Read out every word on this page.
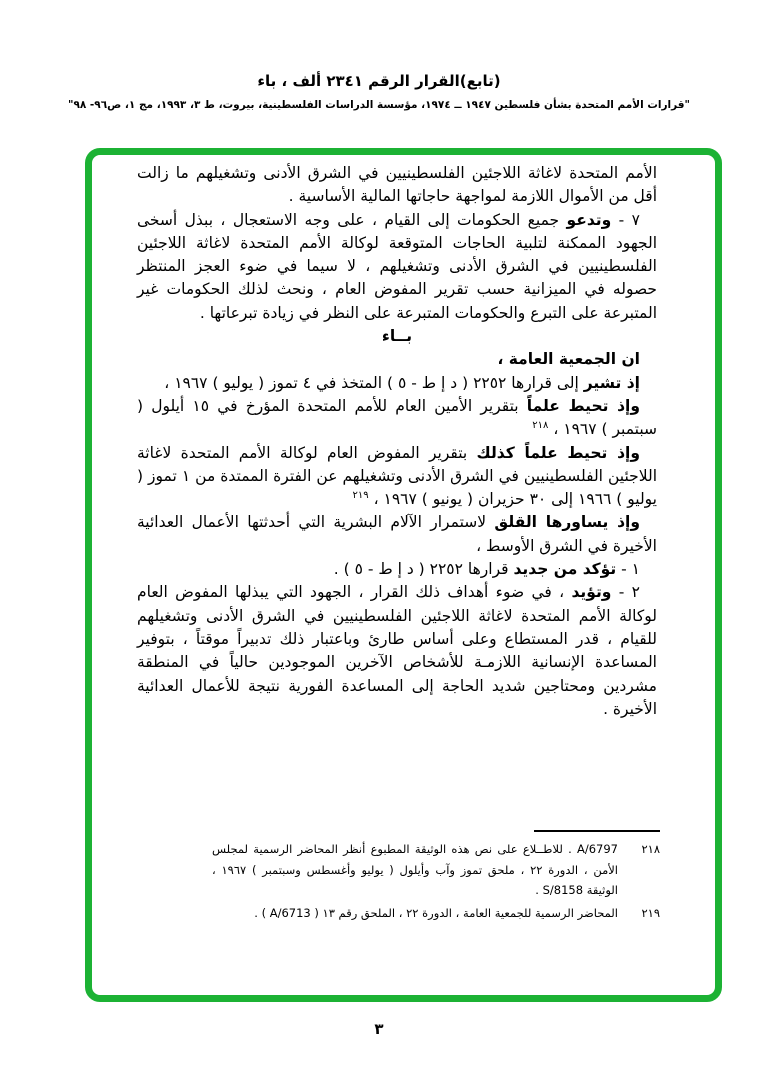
(تابع)القرار الرقم ٢٣٤١ ألف ، باء
"قرارات الأمم المتحدة بشأن فلسطين ١٩٤٧ ــ ١٩٧٤، مؤسسة الدراسات الفلسطينية، بيروت، ط ٣، ١٩٩٣، مج ١، ص٩٦- ٩٨"

الأمم المتحدة لاغاثة اللاجئين الفلسطينيين في الشرق الأدنى وتشغيلهم ما زالت أقل من الأموال اللازمة لمواجهة حاجاتها المالية الأساسية .

٧ - وتدعو جميع الحكومات إلى القيام ، على وجه الاستعجال ، ببذل أسخى الجهود الممكنة لتلبية الحاجات المتوقعة لوكالة الأمم المتحدة لاغاثة اللاجئين الفلسطينيين في الشرق الأدنى وتشغيلهم ، لا سيما في ضوء العجز المنتظر حصوله في الميزانية حسب تقرير المفوض العام ، ونحث لذلك الحكومات غير المتبرعة على التبرع والحكومات المتبرعة على النظر في زيادة تبرعاتها .

بــاء

ان الجمعية العامة ،

إذ تشير إلى قرارها ٢٢٥٢ ( د إ ط - ٥ ) المتخذ في ٤ تموز ( يوليو ) ١٩٦٧ ،

وإذ تحيط علماً بتقرير الأمين العام للأمم المتحدة المؤرخ في ١٥ أيلول ( سبتمبر ) ١٩٦٧ ، $^{٢١٨}$

وإذ تحيط علماً كذلك بتقرير المفوض العام لوكالة الأمم المتحدة لاغاثة اللاجئين الفلسطينيين في الشرق الأدنى وتشغيلهم عن الفترة الممتدة من ١ تموز ( يوليو ) ١٩٦٦ إلى ٣٠ حزيران ( يونيو ) ١٩٦٧ ، $^{٢١٩}$

وإذ يساورها القلق لاستمرار الآلام البشرية التي أحدثتها الأعمال العدائية الأخيرة في الشرق الأوسط ،

١ - تؤكد من جديد قرارها ٢٢٥٢ ( د إ ط - ٥ ) .

٢ - وتؤيد ، في ضوء أهداف ذلك القرار ، الجهود التي يبذلها المفوض العام لوكالة الأمم المتحدة لاغاثة اللاجئين الفلسطينيين في الشرق الأدنى وتشغيلهم للقيام ، قدر المستطاع وعلى أساس طارئ وباعتبار ذلك تدبيراً موقتاً ، بتوفير المساعدة الإنسانية اللازمـة للأشخاص الآخرين الموجودين حالياً في المنطقة مشردين ومحتاجين شديد الحاجة إلى المساعدة الفورية نتيجة للأعمال العدائية الأخيرة .

٢١٨
A/6797 . للاطــلاع على نص هذه الوثيقة المطبوع أنظر المحاضر الرسمية لمجلس الأمن ، الدورة ٢٢ ، ملحق تموز وآب وأيلول ( يوليو وأغسطس وسبتمبر ) ١٩٦٧ ، الوثيقة S/8158 .
٢١٩
المحاضر الرسمية للجمعية العامة ، الدورة ٢٢ ، الملحق رقم ١٣ ( A/6713 ) .
٣
